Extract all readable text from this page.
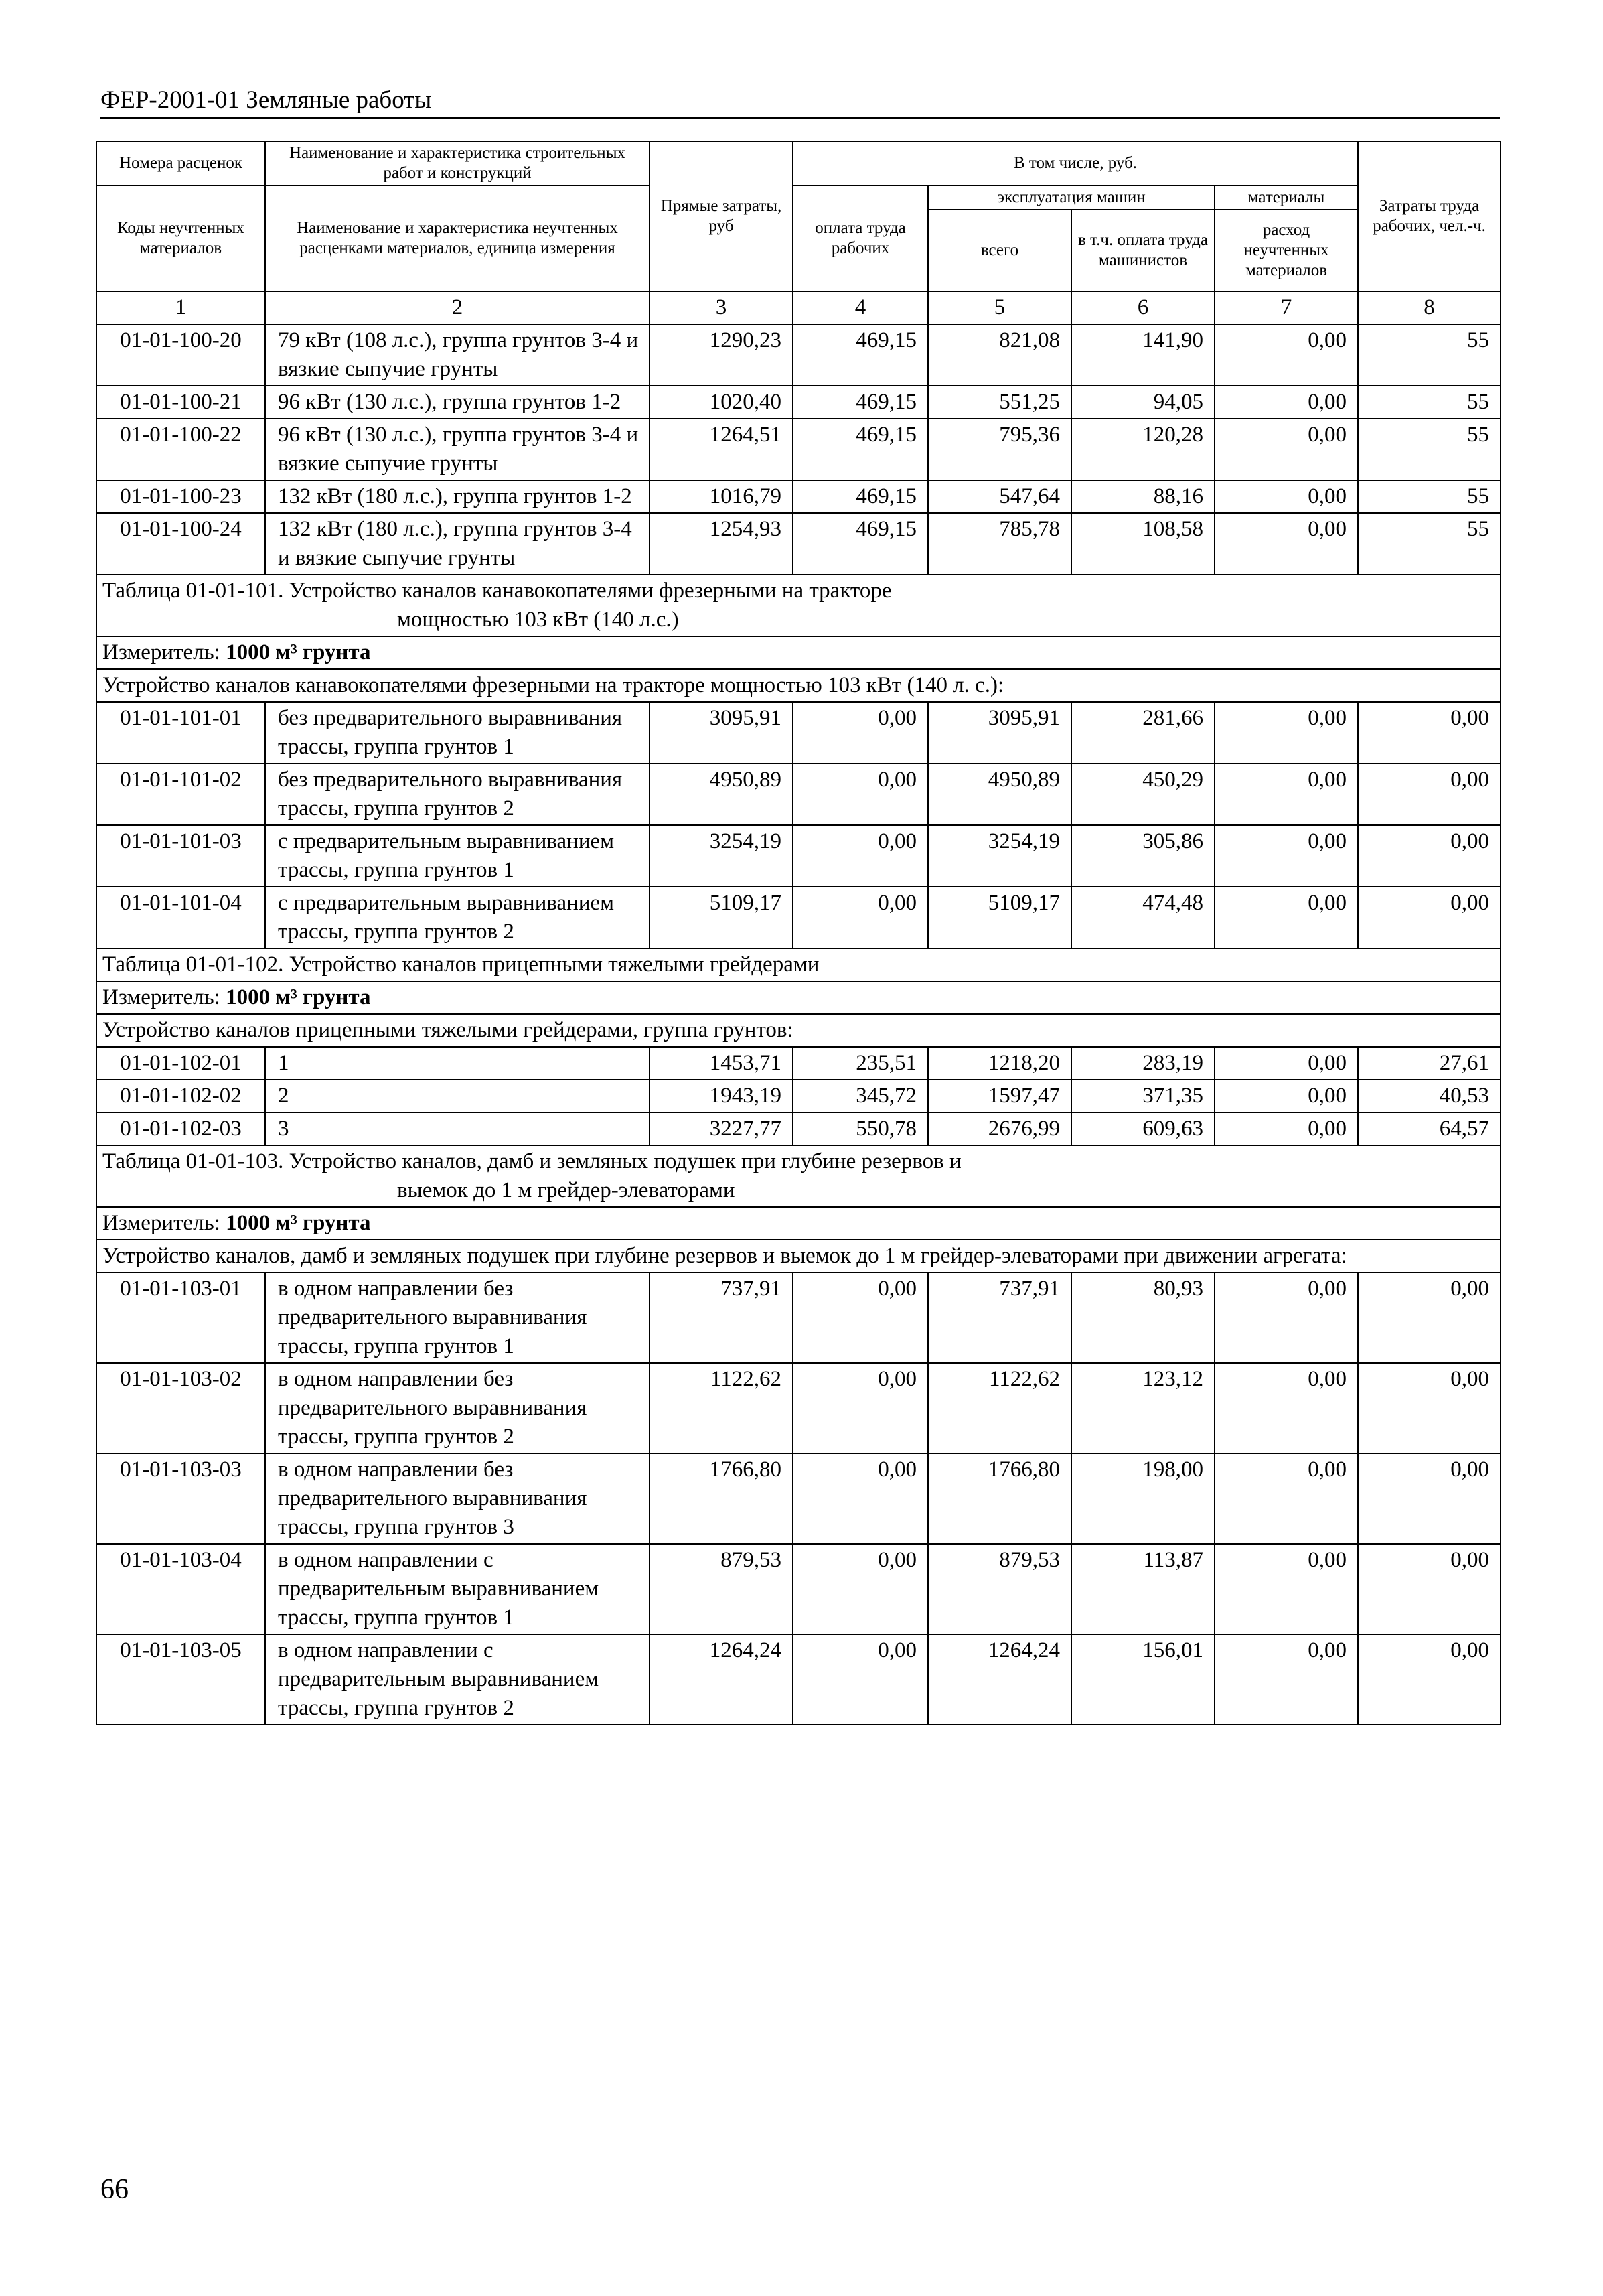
ФЕР-2001-01 Земляные работы
Номера расценок	Наименование и характеристика строительных работ и конструкций	Прямые затраты, руб	В том числе, руб.				Затраты труда рабочих, чел.-ч.
Коды неучтенных материалов	Наименование и характеристика неучтенных расценками материалов, единица измерения		оплата труда рабочих	эксплуатация машин		материалы	
				всего	в т.ч. оплата труда машинистов	расход неучтенных материалов	
1	2	3	4	5	6	7	8
01-01-100-20	79 кВт (108 л.с.), группа грунтов 3-4 и вязкие сыпучие грунты	1290,23	469,15	821,08	141,90	0,00	55
01-01-100-21	96 кВт (130 л.с.), группа грунтов 1-2	1020,40	469,15	551,25	94,05	0,00	55
01-01-100-22	96 кВт (130 л.с.), группа грунтов 3-4 и вязкие сыпучие грунты	1264,51	469,15	795,36	120,28	0,00	55
01-01-100-23	132 кВт (180 л.с.), группа грунтов 1-2	1016,79	469,15	547,64	88,16	0,00	55
01-01-100-24	132 кВт (180 л.с.), группа грунтов 3-4 и вязкие сыпучие грунты	1254,93	469,15	785,78	108,58	0,00	55
Таблица 01-01-101. Устройство каналов канавокопателями фрезерными на тракторе
мощностью 103 кВт (140 л.с.)							

Измеритель: 1000 м³ грунта							
Устройство каналов канавокопателями фрезерными на тракторе мощностью 103 кВт (140 л. с.):							
01-01-101-01	без предварительного выравнивания трассы, группа грунтов 1	3095,91	0,00	3095,91	281,66	0,00	0,00
01-01-101-02	без предварительного выравнивания трассы, группа грунтов 2	4950,89	0,00	4950,89	450,29	0,00	0,00
01-01-101-03	с предварительным выравниванием трассы, группа грунтов 1	3254,19	0,00	3254,19	305,86	0,00	0,00
01-01-101-04	с предварительным выравниванием трассы, группа грунтов 2	5109,17	0,00	5109,17	474,48	0,00	0,00
Таблица 01-01-102. Устройство каналов прицепными тяжелыми грейдерами							
Измеритель: 1000 м³ грунта							
Устройство каналов прицепными тяжелыми грейдерами, группа грунтов:							
01-01-102-01	1	1453,71	235,51	1218,20	283,19	0,00	27,61
01-01-102-02	2	1943,19	345,72	1597,47	371,35	0,00	40,53
01-01-102-03	3	3227,77	550,78	2676,99	609,63	0,00	64,57
Таблица 01-01-103. Устройство каналов, дамб и земляных подушек при глубине резервов и
выемок до 1 м грейдер-элеваторами							

Измеритель: 1000 м³ грунта							
Устройство каналов, дамб и земляных подушек при глубине резервов и выемок до 1 м грейдер-элеваторами при движении агрегата:							
01-01-103-01	в одном направлении без предварительного выравнивания трассы, группа грунтов 1	737,91	0,00	737,91	80,93	0,00	0,00
01-01-103-02	в одном направлении без предварительного выравнивания трассы, группа грунтов 2	1122,62	0,00	1122,62	123,12	0,00	0,00
01-01-103-03	в одном направлении без предварительного выравнивания трассы, группа грунтов 3	1766,80	0,00	1766,80	198,00	0,00	0,00
01-01-103-04	в одном направлении с предварительным выравниванием трассы, группа грунтов 1	879,53	0,00	879,53	113,87	0,00	0,00
01-01-103-05	в одном направлении с предварительным выравниванием трассы, группа грунтов 2	1264,24	0,00	1264,24	156,01	0,00	0,00
66
